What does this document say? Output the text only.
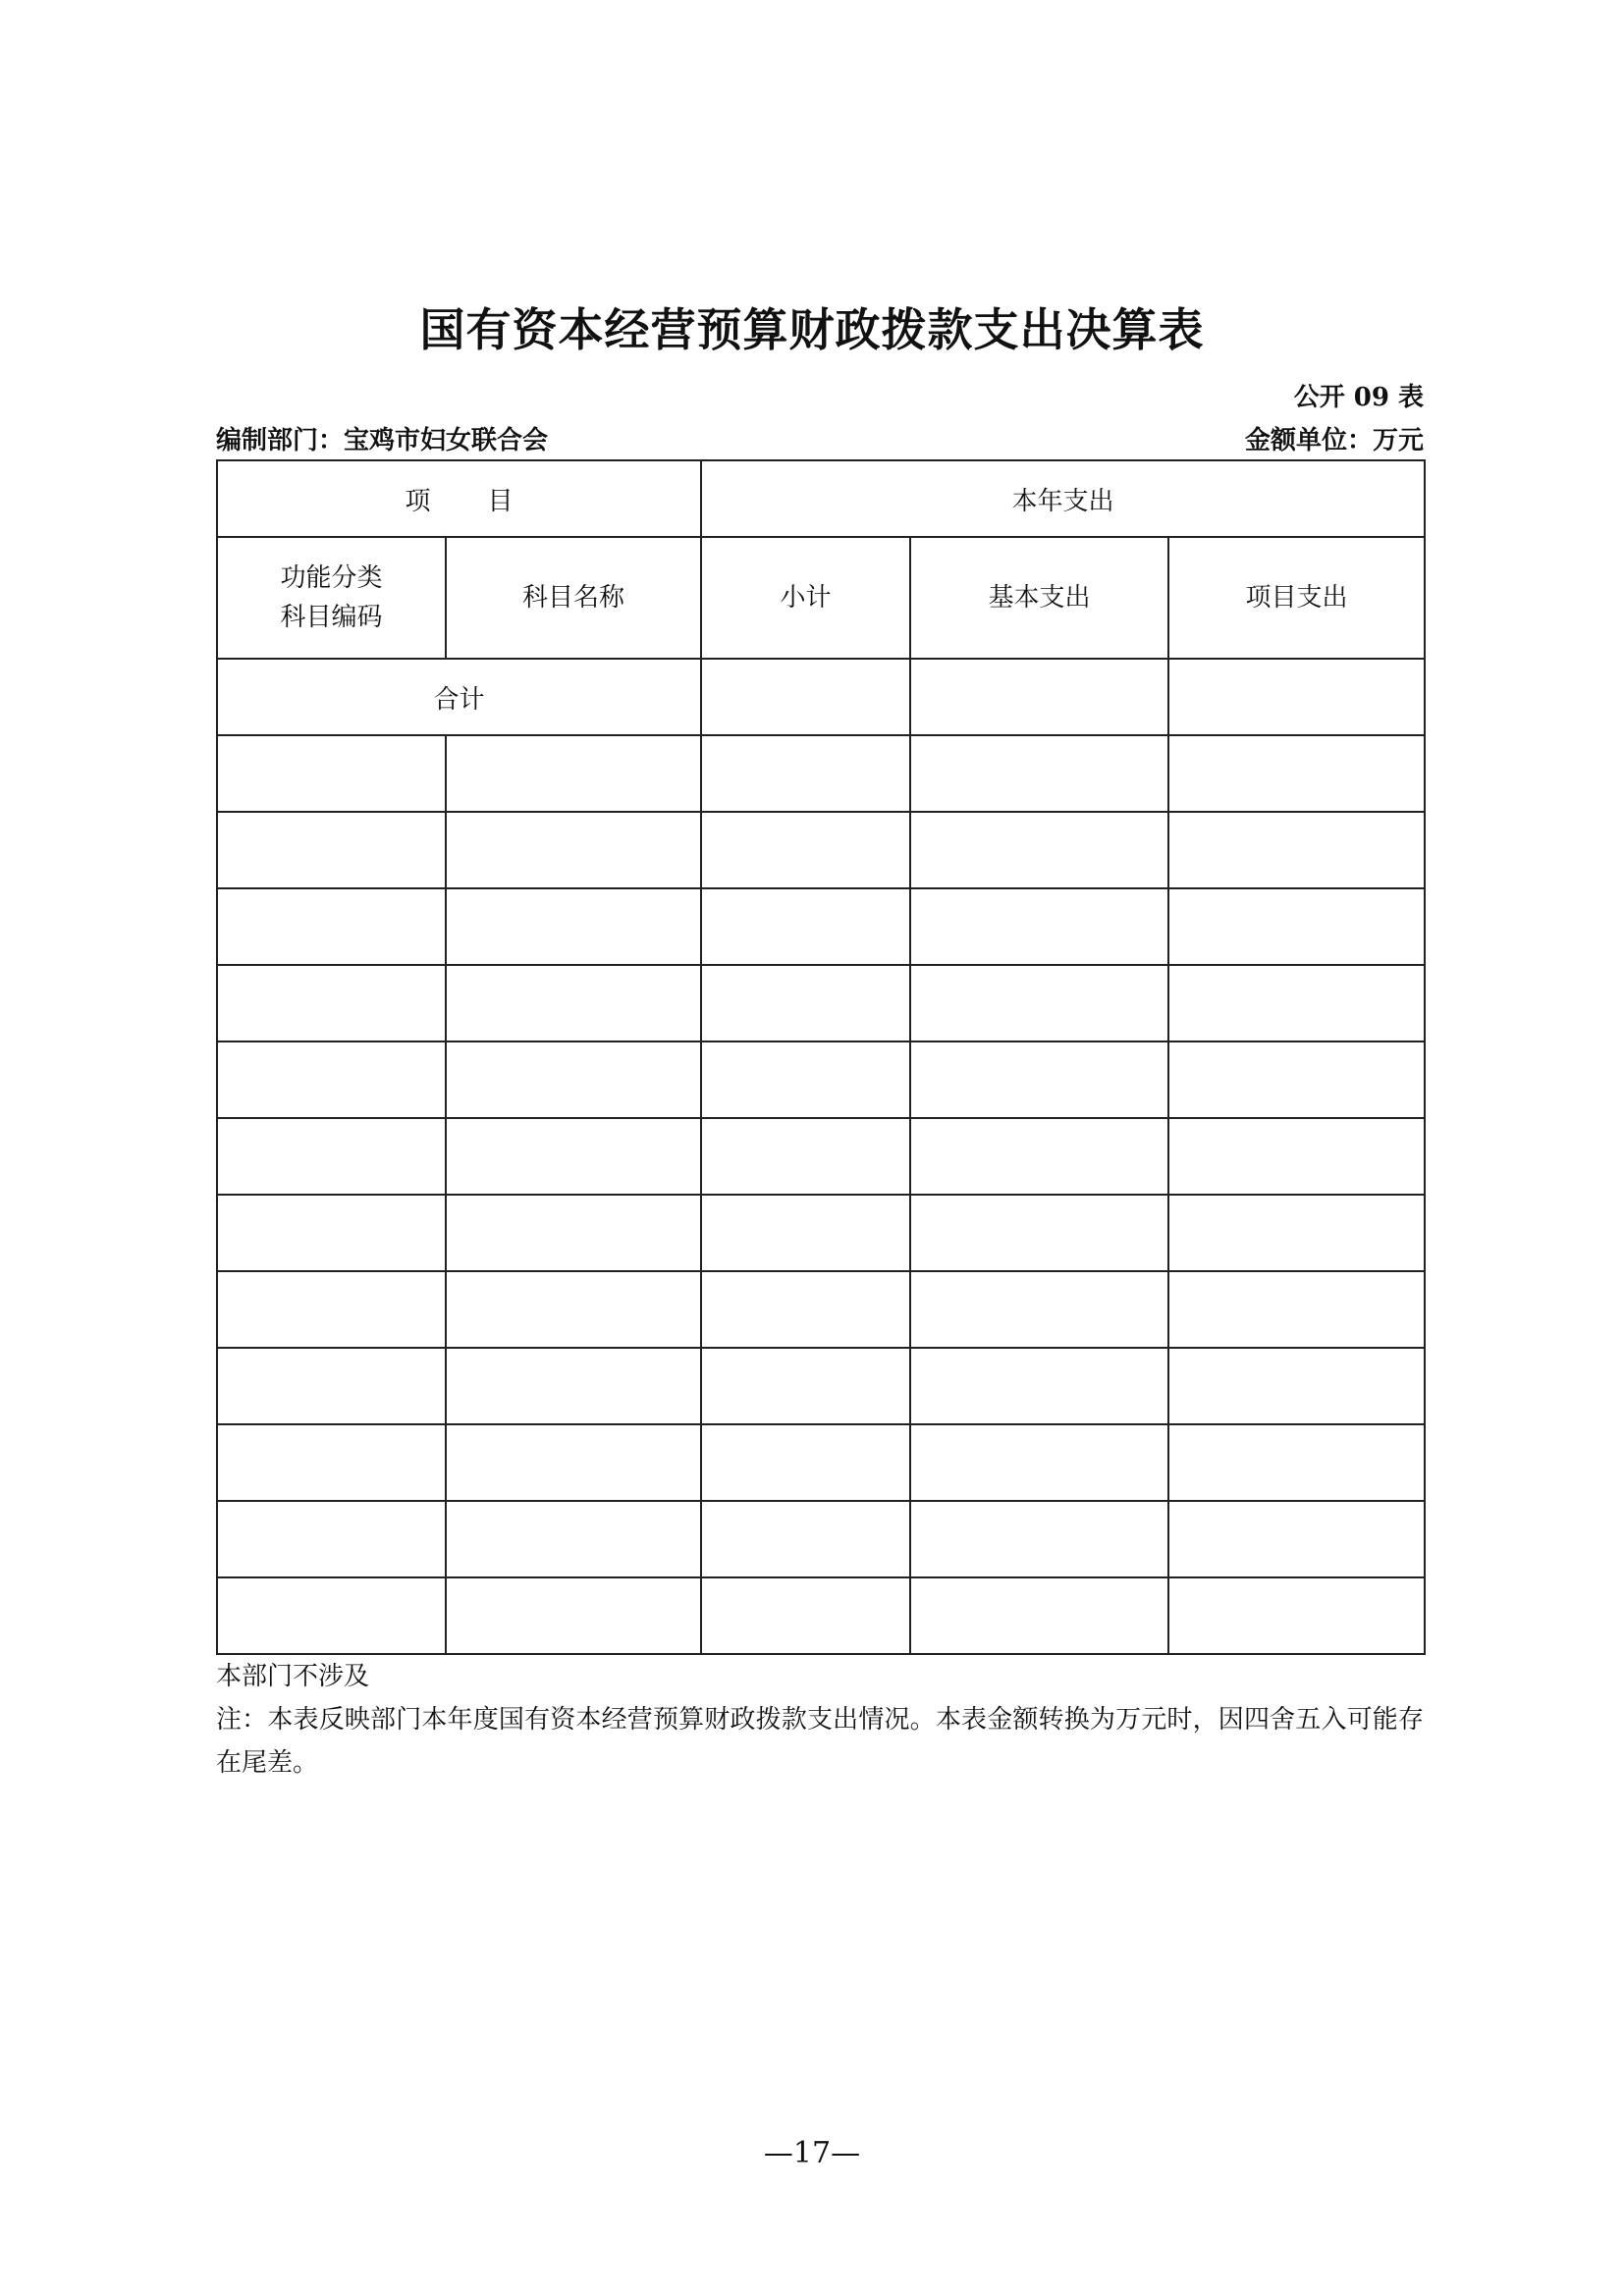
国有资本经营预算财政拨款支出决算表
公开 09 表
编制部门：宝鸡市妇女联合会	金额单位：万元
项 目		本年支出		

功能分类
科目编码	科目名称	小计	基本支出	项目支出
合计				

本部门不涉及
注：本表反映部门本年度国有资本经营预算财政拨款支出情况。本表金额转换为万元时，因四舍五入可能存在尾差。
—17—
